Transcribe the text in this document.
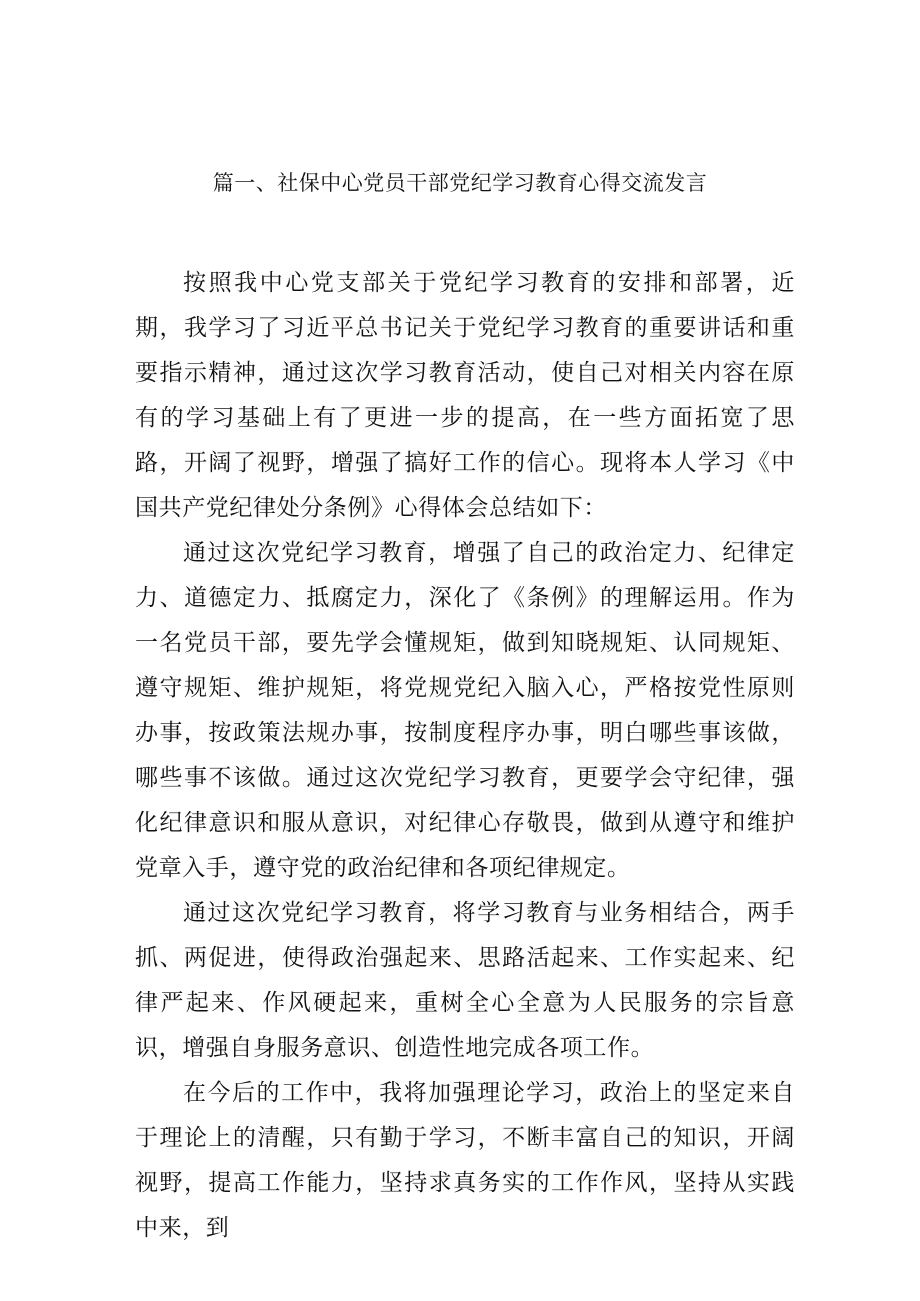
篇一、社保中心党员干部党纪学习教育心得交流发言

按照我中心党支部关于党纪学习教育的安排和部署，近期，我学习了习近平总书记关于党纪学习教育的重要讲话和重要指示精神，通过这次学习教育活动，使自己对相关内容在原有的学习基础上有了更进一步的提高，在一些方面拓宽了思路，开阔了视野，增强了搞好工作的信心。现将本人学习《中国共产党纪律处分条例》心得体会总结如下：

通过这次党纪学习教育，增强了自己的政治定力、纪律定力、道德定力、抵腐定力，深化了《条例》的理解运用。作为一名党员干部，要先学会懂规矩，做到知晓规矩、认同规矩、遵守规矩、维护规矩，将党规党纪入脑入心，严格按党性原则办事，按政策法规办事，按制度程序办事，明白哪些事该做，哪些事不该做。通过这次党纪学习教育，更要学会守纪律，强化纪律意识和服从意识，对纪律心存敬畏，做到从遵守和维护党章入手，遵守党的政治纪律和各项纪律规定。

通过这次党纪学习教育，将学习教育与业务相结合，两手抓、两促进，使得政治强起来、思路活起来、工作实起来、纪律严起来、作风硬起来，重树全心全意为人民服务的宗旨意识，增强自身服务意识、创造性地完成各项工作。

在今后的工作中，我将加强理论学习，政治上的坚定来自于理论上的清醒，只有勤于学习，不断丰富自己的知识，开阔视野，提高工作能力，坚持求真务实的工作作风，坚持从实践中来，到
